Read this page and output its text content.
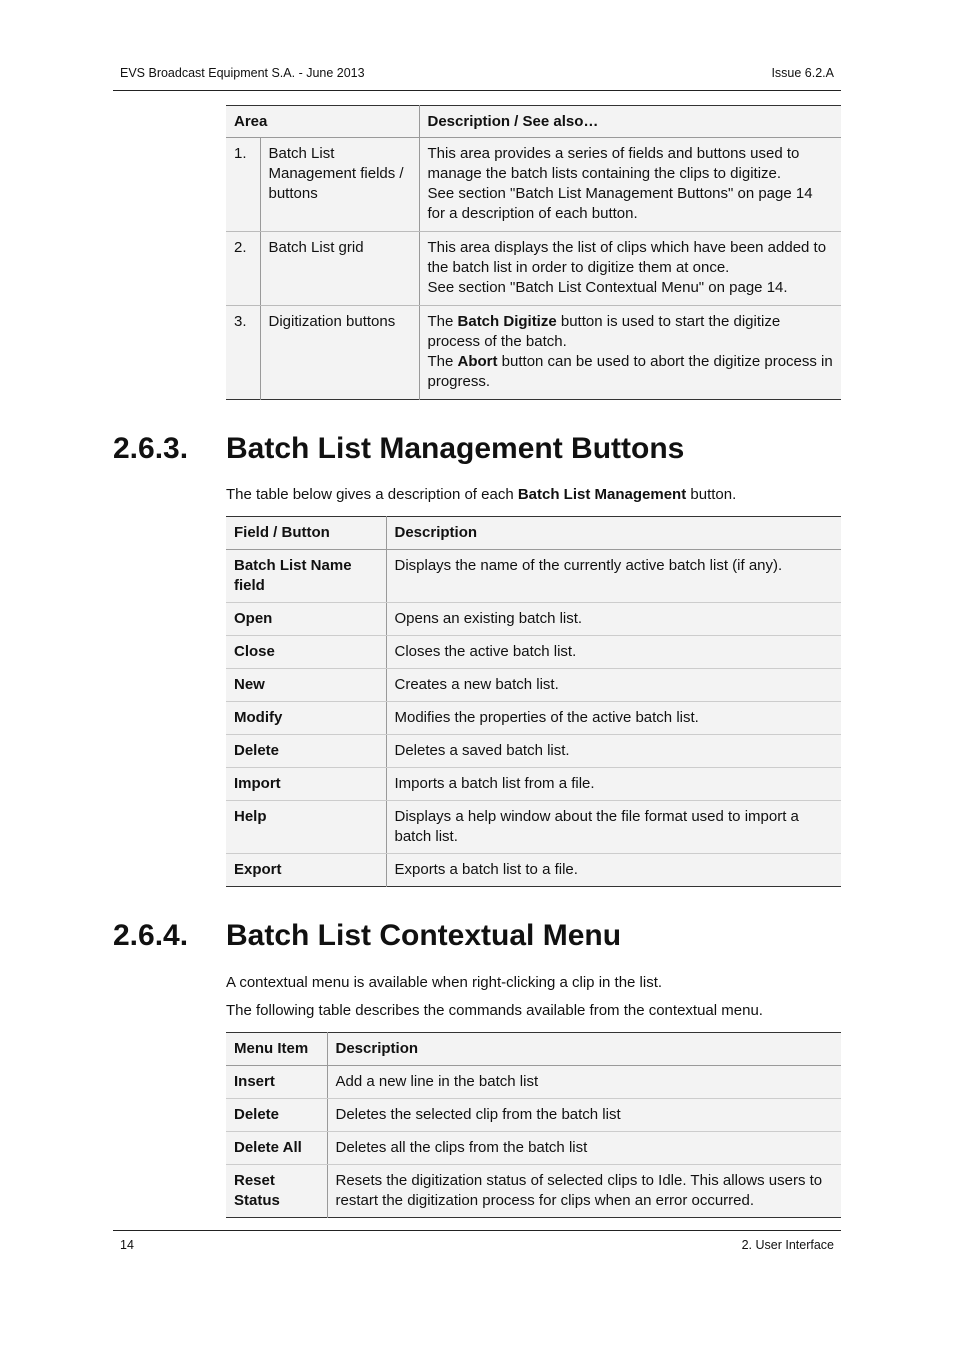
EVS Broadcast Equipment S.A. - June 2013	Issue 6.2.A
Area		Description / See also…
1.	Batch List Management fields / buttons	This area provides a series of fields and buttons used to manage the batch lists containing the clips to digitize.
See section "Batch List Management Buttons" on page 14 for a description of each button.

2.	Batch List grid	This area displays the list of clips which have been added to the batch list in order to digitize them at once.
See section "Batch List Contextual Menu" on page 14.

3.	Digitization buttons	The Batch Digitize button is used to start the digitize process of the batch.
The Abort button can be used to abort the digitize process in progress.
2.6.3. Batch List Management Buttons
The table below gives a description of each Batch List Management button.
Field / Button	Description
Batch List Name field	Displays the name of the currently active batch list (if any).
Open	Opens an existing batch list.
Close	Closes the active batch list.
New	Creates a new batch list.
Modify	Modifies the properties of the active batch list.
Delete	Deletes a saved batch list.
Import	Imports a batch list from a file.
Help	Displays a help window about the file format used to import a batch list.
Export	Exports a batch list to a file.
2.6.4. Batch List Contextual Menu
A contextual menu is available when right-clicking a clip in the list.
The following table describes the commands available from the contextual menu.
Menu Item	Description
Insert	Add a new line in the batch list
Delete	Deletes the selected clip from the batch list
Delete All	Deletes all the clips from the batch list
Reset Status	Resets the digitization status of selected clips to Idle. This allows users to restart the digitization process for clips when an error occurred.
14	2. User Interface
